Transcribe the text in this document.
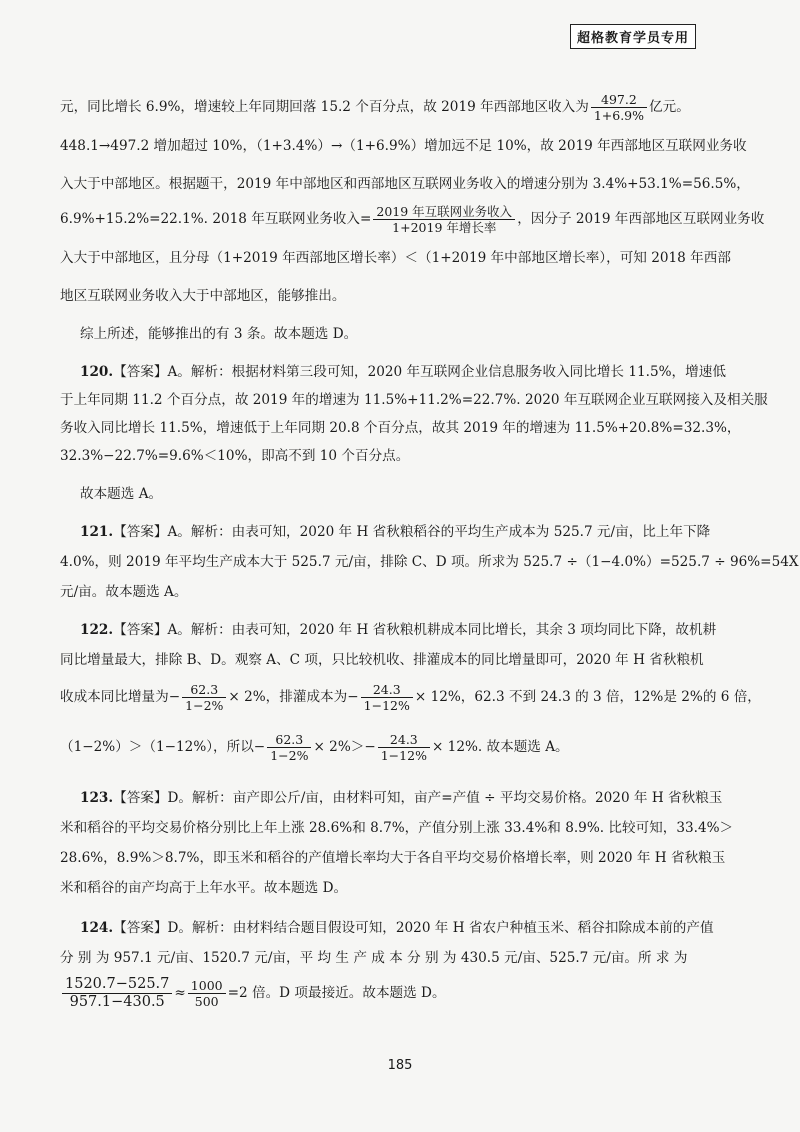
超格教育学员专用
元，同比增长 6.9%，增速较上年同期回落 15.2 个百分点，故 2019 年西部地区收入为 $\frac{497.2}{1+6.9\%}$ 亿元。
448.1→497.2 增加超过 10%，（1+3.4%）→（1+6.9%）增加远不足 10%，故 2019 年西部地区互联网业务收
入大于中部地区。根据题干，2019 年中部地区和西部地区互联网业务收入的增速分别为 3.4%+53.1%=56.5%，
6.9%+15.2%=22.1%. 2018 年互联网业务收入= $\frac{\text{2019 年互联网业务收入}}{\text{1+2019 年增长率}}$ ，因分子 2019 年西部地区互联网业务收
入大于中部地区，且分母（1+2019 年西部地区增长率）＜（1+2019 年中部地区增长率），可知 2018 年西部
地区互联网业务收入大于中部地区，能够推出。
综上所述，能够推出的有 3 条。故本题选 D。
120.【答案】A。解析：根据材料第三段可知，2020 年互联网企业信息服务收入同比增长 11.5%，增速低
于上年同期 11.2 个百分点，故 2019 年的增速为 11.5%+11.2%=22.7%. 2020 年互联网企业互联网接入及相关服
务收入同比增长 11.5%，增速低于上年同期 20.8 个百分点，故其 2019 年的增速为 11.5%+20.8%=32.3%，
32.3%−22.7%=9.6%＜10%，即高不到 10 个百分点。
故本题选 A。
121.【答案】A。解析：由表可知，2020 年 H 省秋粮稻谷的平均生产成本为 525.7 元/亩，比上年下降
4.0%，则 2019 年平均生产成本大于 525.7 元/亩，排除 C、D 项。所求为 525.7 ÷（1−4.0%）=525.7 ÷ 96%=54X
元/亩。故本题选 A。
122.【答案】A。解析：由表可知，2020 年 H 省秋粮机耕成本同比增长，其余 3 项均同比下降，故机耕
同比增量最大，排除 B、D。观察 A、C 项，只比较机收、排灌成本的同比增量即可，2020 年 H 省秋粮机
收成本同比增量为− $\frac{62.3}{1-2\%} \times 2\%$，排灌成本为− $\frac{24.3}{1-12\%} \times 12\%$，62.3 不到 24.3 的 3 倍，12%是 2%的 6 倍，
（1−2%）＞（1−12%），所以− $\frac{62.3}{1-2\%} \times 2\%>- \frac{24.3}{1-12\%} \times 12\%$. 故本题选 A。
123.【答案】D。解析：亩产即公斤/亩，由材料可知，亩产=产值 ÷ 平均交易价格。2020 年 H 省秋粮玉
米和稻谷的平均交易价格分别比上年上涨 28.6%和 8.7%，产值分别上涨 33.4%和 8.9%. 比较可知，33.4%＞
28.6%，8.9%＞8.7%，即玉米和稻谷的产值增长率均大于各自平均交易价格增长率，则 2020 年 H 省秋粮玉
米和稻谷的亩产均高于上年水平。故本题选 D。
124.【答案】D。解析：由材料结合题目假设可知，2020 年 H 省农户种植玉米、稻谷扣除成本前的产值
分 别 为 957.1 元/亩、1520.7 元/亩，平 均 生 产 成 本 分 别 为 430.5 元/亩、525.7 元/亩。所 求 为
$\frac{1520.7-525.7}{957.1-430.5} \approx \frac{1000}{500} =2$ 倍。D 项最接近。故本题选 D。
185
